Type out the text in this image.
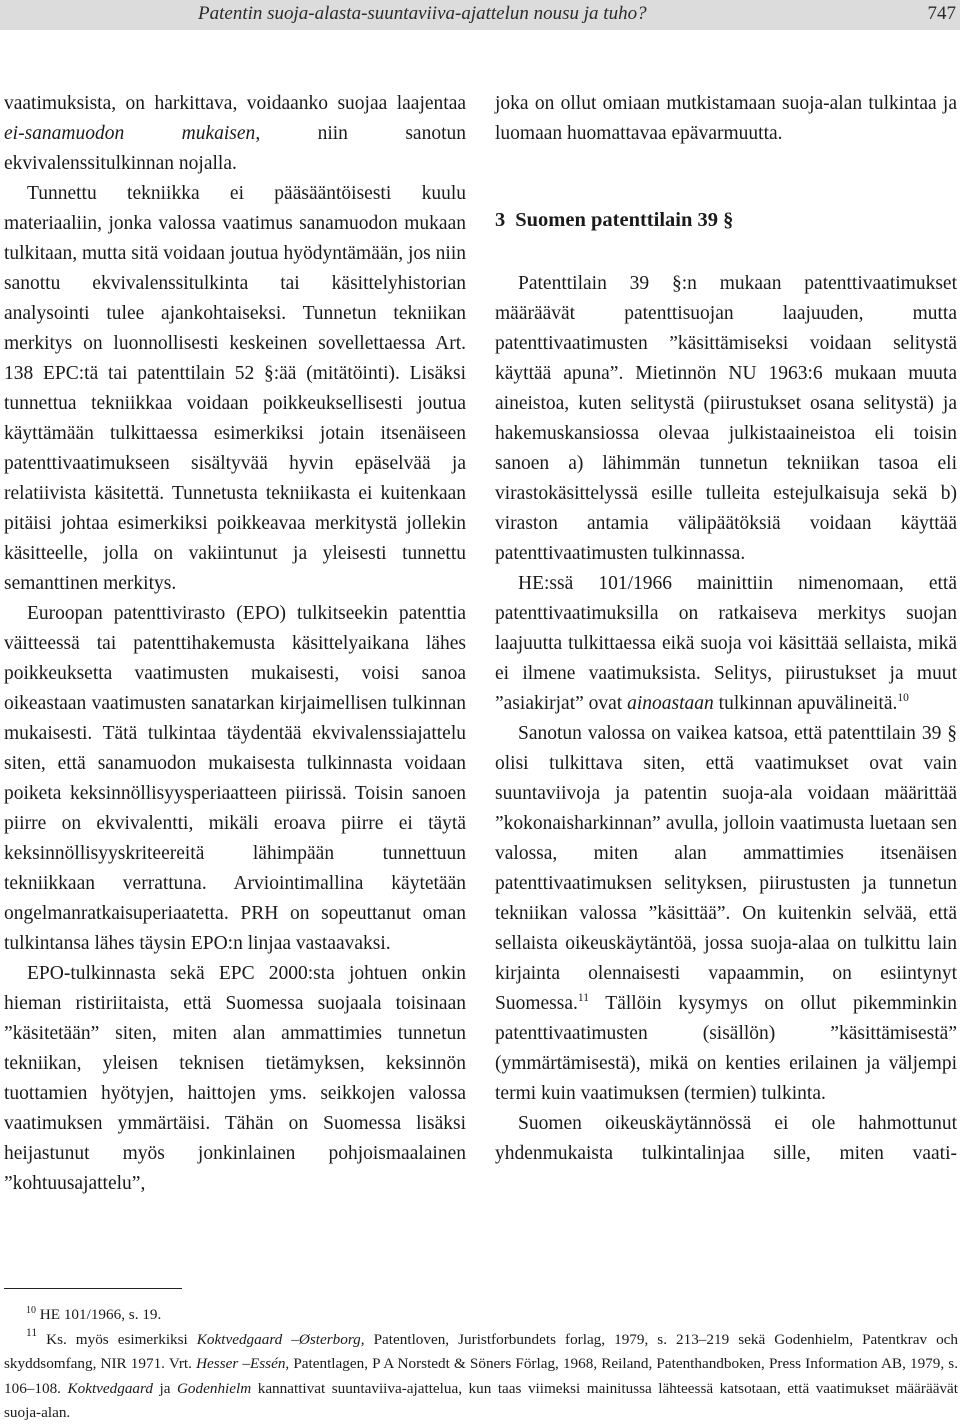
Patentin suoja-alasta-suuntaviiva-ajattelun nousu ja tuho?	747

vaatimuksista, on harkittava, voidaanko suojaa laajentaa ei-sanamuodon mukaisen, niin sanotun ekvivalenssitulkinnan nojalla.

Tunnettu tekniikka ei pääsääntöisesti kuulu materiaaliin, jonka valossa vaatimus sanamuodon mukaan tulkitaan, mutta sitä voidaan joutua hyödyntämään, jos niin sanottu ekvivalenssitulkinta tai käsittelyhistorian analysointi tulee ajankohtaiseksi. Tunnetun tekniikan merkitys on luonnollisesti keskeinen sovellettaessa Art. 138 EPC:tä tai patenttilain 52 §:ää (mitätöinti). Lisäksi tunnettua tekniikkaa voidaan poikkeuksellisesti joutua käyttämään tulkittaessa esimerkiksi jotain itsenäiseen patenttivaatimukseen sisältyvää hyvin epäselvää ja relatiivista käsitettä. Tunnetusta tekniikasta ei kuitenkaan pitäisi johtaa esimerkiksi poikkeavaa merkitystä jollekin käsitteelle, jolla on vakiintunut ja yleisesti tunnettu semanttinen merkitys.

Euroopan patenttivirasto (EPO) tulkitseekin patenttia väitteessä tai patenttihakemusta käsittelyaikana lähes poikkeuksetta vaatimusten mukaisesti, voisi sanoa oikeastaan vaatimusten sanatarkan kirjaimellisen tulkinnan mukaisesti. Tätä tulkintaa täydentää ekvivalenssiajattelu siten, että sanamuodon mukaisesta tulkinnasta voidaan poiketa keksinnöllisyysperiaatteen piirissä. Toisin sanoen piirre on ekvivalentti, mikäli eroava piirre ei täytä keksinnöllisyyskriteereitä lähimpään tunnettuun tekniikkaan verrattuna. Arviointimallina käytetään ongelmanratkaisuperiaatetta. PRH on sopeuttanut oman tulkintansa lähes täysin EPO:n linjaa vastaavaksi.

EPO-tulkinnasta sekä EPC 2000:sta johtuen onkin hieman ristiriitaista, että Suomessa suojaala toisinaan ”käsitetään” siten, miten alan ammattimies tunnetun tekniikan, yleisen teknisen tietämyksen, keksinnön tuottamien hyötyjen, haittojen yms. seikkojen valossa vaatimuksen ymmärtäisi. Tähän on Suomessa lisäksi heijastunut myös jonkinlainen pohjoismaalainen ”kohtuusajattelu”,

joka on ollut omiaan mutkistamaan suoja-alan tulkintaa ja luomaan huomattavaa epävarmuutta.

3 Suomen patenttilain 39 §

Patenttilain 39 §:n mukaan patenttivaatimukset määräävät patenttisuojan laajuuden, mutta patenttivaatimusten ”käsittämiseksi voidaan selitystä käyttää apuna”. Mietinnön NU 1963:6 mukaan muuta aineistoa, kuten selitystä (piirustukset osana selitystä) ja hakemuskansiossa olevaa julkistaaineistoa eli toisin sanoen a) lähimmän tunnetun tekniikan tasoa eli virastokäsittelyssä esille tulleita estejulkaisuja sekä b) viraston antamia välipäätöksiä voidaan käyttää patenttivaatimusten tulkinnassa.

HE:ssä 101/1966 mainittiin nimenomaan, että patenttivaatimuksilla on ratkaiseva merkitys suojan laajuutta tulkittaessa eikä suoja voi käsittää sellaista, mikä ei ilmene vaatimuksista. Selitys, piirustukset ja muut ”asiakirjat” ovat ainoastaan tulkinnan apuvälineitä.$^{10}$

Sanotun valossa on vaikea katsoa, että patenttilain 39 § olisi tulkittava siten, että vaatimukset ovat vain suuntaviivoja ja patentin suoja-ala voidaan määrittää ”kokonaisharkinnan” avulla, jolloin vaatimusta luetaan sen valossa, miten alan ammattimies itsenäisen patenttivaatimuksen selityksen, piirustusten ja tunnetun tekniikan valossa ”käsittää”. On kuitenkin selvää, että sellaista oikeuskäytäntöä, jossa suoja-alaa on tulkittu lain kirjainta olennaisesti vapaammin, on esiintynyt Suomessa.$^{11}$ Tällöin kysymys on ollut pikemminkin patenttivaatimusten (sisällön) ”käsittämisestä” (ymmärtämisestä), mikä on kenties erilainen ja väljempi termi kuin vaatimuksen (termien) tulkinta.

Suomen oikeuskäytännössä ei ole hahmottunut yhdenmukaista tulkintalinjaa sille, miten vaati-

$^{10}$ HE 101/1966, s. 19.

$^{11}$ Ks. myös esimerkiksi Koktvedgaard –Østerborg, Patentloven, Juristforbundets forlag, 1979, s. 213–219 sekä Godenhielm, Patentkrav och skyddsomfang, NIR 1971. Vrt. Hesser –Essén, Patentlagen, P A Norstedt & Söners Förlag, 1968, Reiland, Patenthandboken, Press Information AB, 1979, s. 106–108. Koktvedgaard ja Godenhielm kannattivat suuntaviiva-ajattelua, kun taas viimeksi mainitussa lähteessä katsotaan, että vaatimukset määräävät suoja-alan.
